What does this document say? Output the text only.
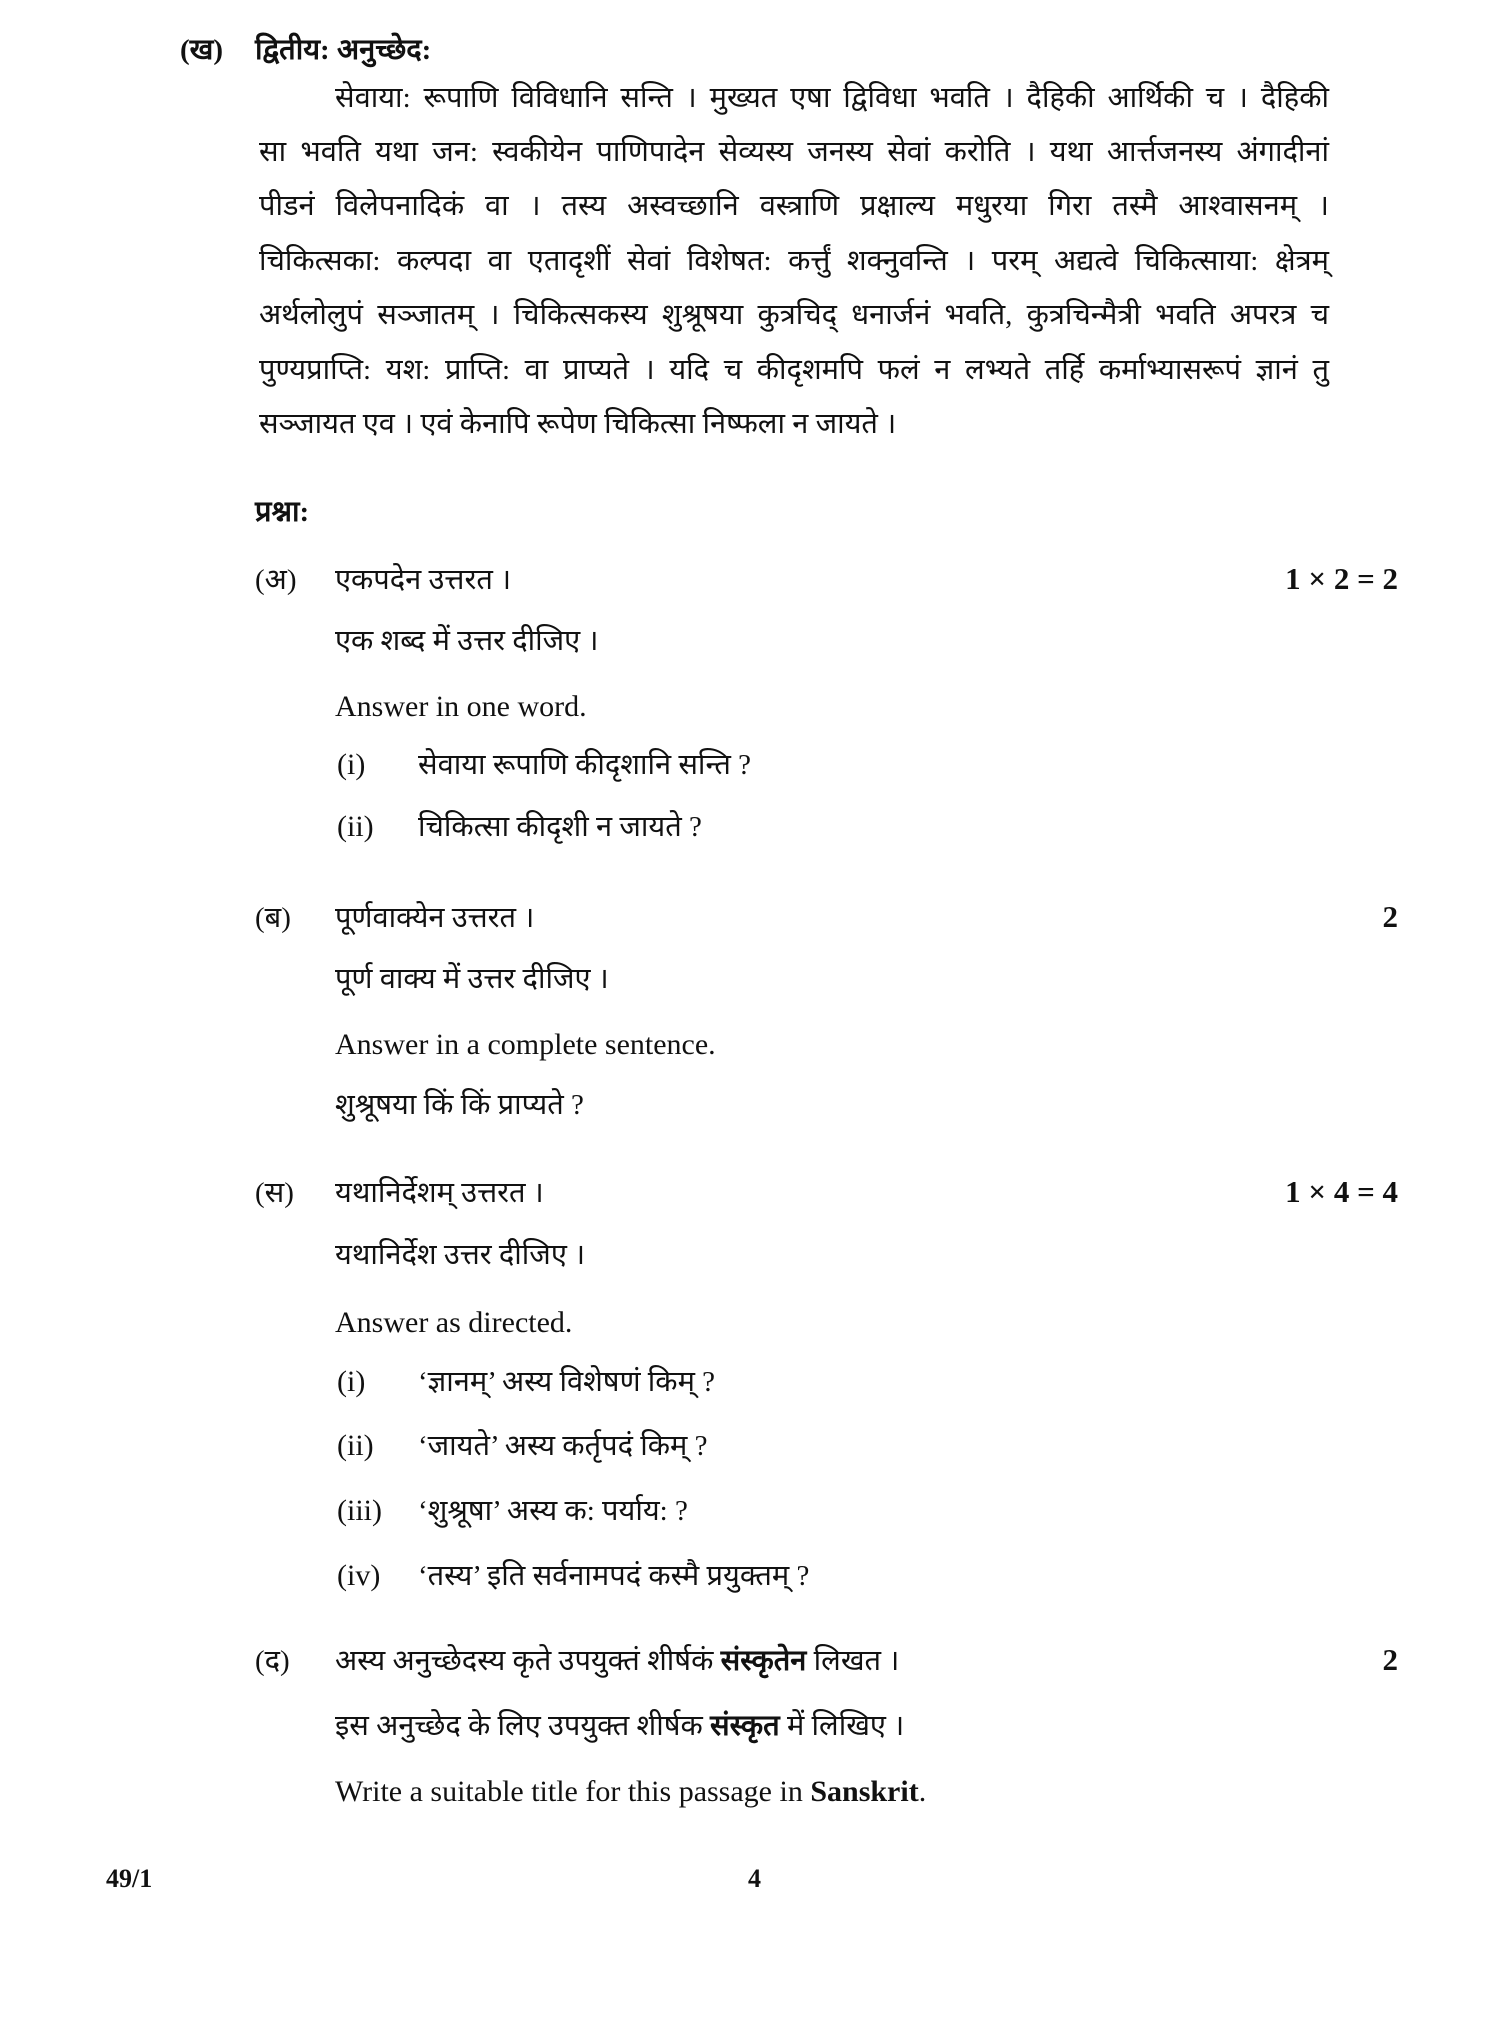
(ख) द्वितीय: अनुच्छेद:
सेवाया: रूपाणि विविधानि सन्ति । मुख्यत एषा द्विविधा भवति । दैहिकी आर्थिकी च । दैहिकी
सा भवति यथा जन: स्वकीयेन पाणिपादेन सेव्यस्य जनस्य सेवां करोति । यथा आर्त्तजनस्य अंगादीनां
पीडनं विलेपनादिकं वा । तस्य अस्वच्छानि वस्त्राणि प्रक्षाल्य मधुरया गिरा तस्मै आश्वासनम् ।
चिकित्सका: कल्पदा वा एतादृशीं सेवां विशेषत: कर्त्तुं शक्नुवन्ति । परम् अद्यत्वे चिकित्साया: क्षेत्रम्
अर्थलोलुपं सञ्जातम् । चिकित्सकस्य शुश्रूषया कुत्रचिद् धनार्जनं भवति, कुत्रचिन्मैत्री भवति अपरत्र च
पुण्यप्राप्ति: यश: प्राप्ति: वा प्राप्यते । यदि च कीदृशमपि फलं न लभ्यते तर्हि कर्माभ्यासरूपं ज्ञानं तु
सञ्जायत एव । एवं केनापि रूपेण चिकित्सा निष्फला न जायते ।
प्रश्ना:
(अ) एकपदेन उत्तरत ।	1 × 2 = 2
एक शब्द में उत्तर दीजिए ।
Answer in one word.
(i) सेवाया रूपाणि कीदृशानि सन्ति ?
(ii) चिकित्सा कीदृशी न जायते ?
(ब) पूर्णवाक्येन उत्तरत ।	2
पूर्ण वाक्य में उत्तर दीजिए ।
Answer in a complete sentence.
शुश्रूषया किं किं प्राप्यते ?
(स) यथानिर्देशम् उत्तरत ।	1 × 4 = 4
यथानिर्देश उत्तर दीजिए ।
Answer as directed.
(i) ‘ज्ञानम्’ अस्य विशेषणं किम् ?
(ii) ‘जायते’ अस्य कर्तृपदं किम् ?
(iii) ‘शुश्रूषा’ अस्य क: पर्याय: ?
(iv) ‘तस्य’ इति सर्वनामपदं कस्मै प्रयुक्तम् ?
(द) अस्य अनुच्छेदस्य कृते उपयुक्तं शीर्षकं संस्कृतेन लिखत ।	2
इस अनुच्छेद के लिए उपयुक्त शीर्षक संस्कृत में लिखिए ।
Write a suitable title for this passage in Sanskrit.
49/1	4
